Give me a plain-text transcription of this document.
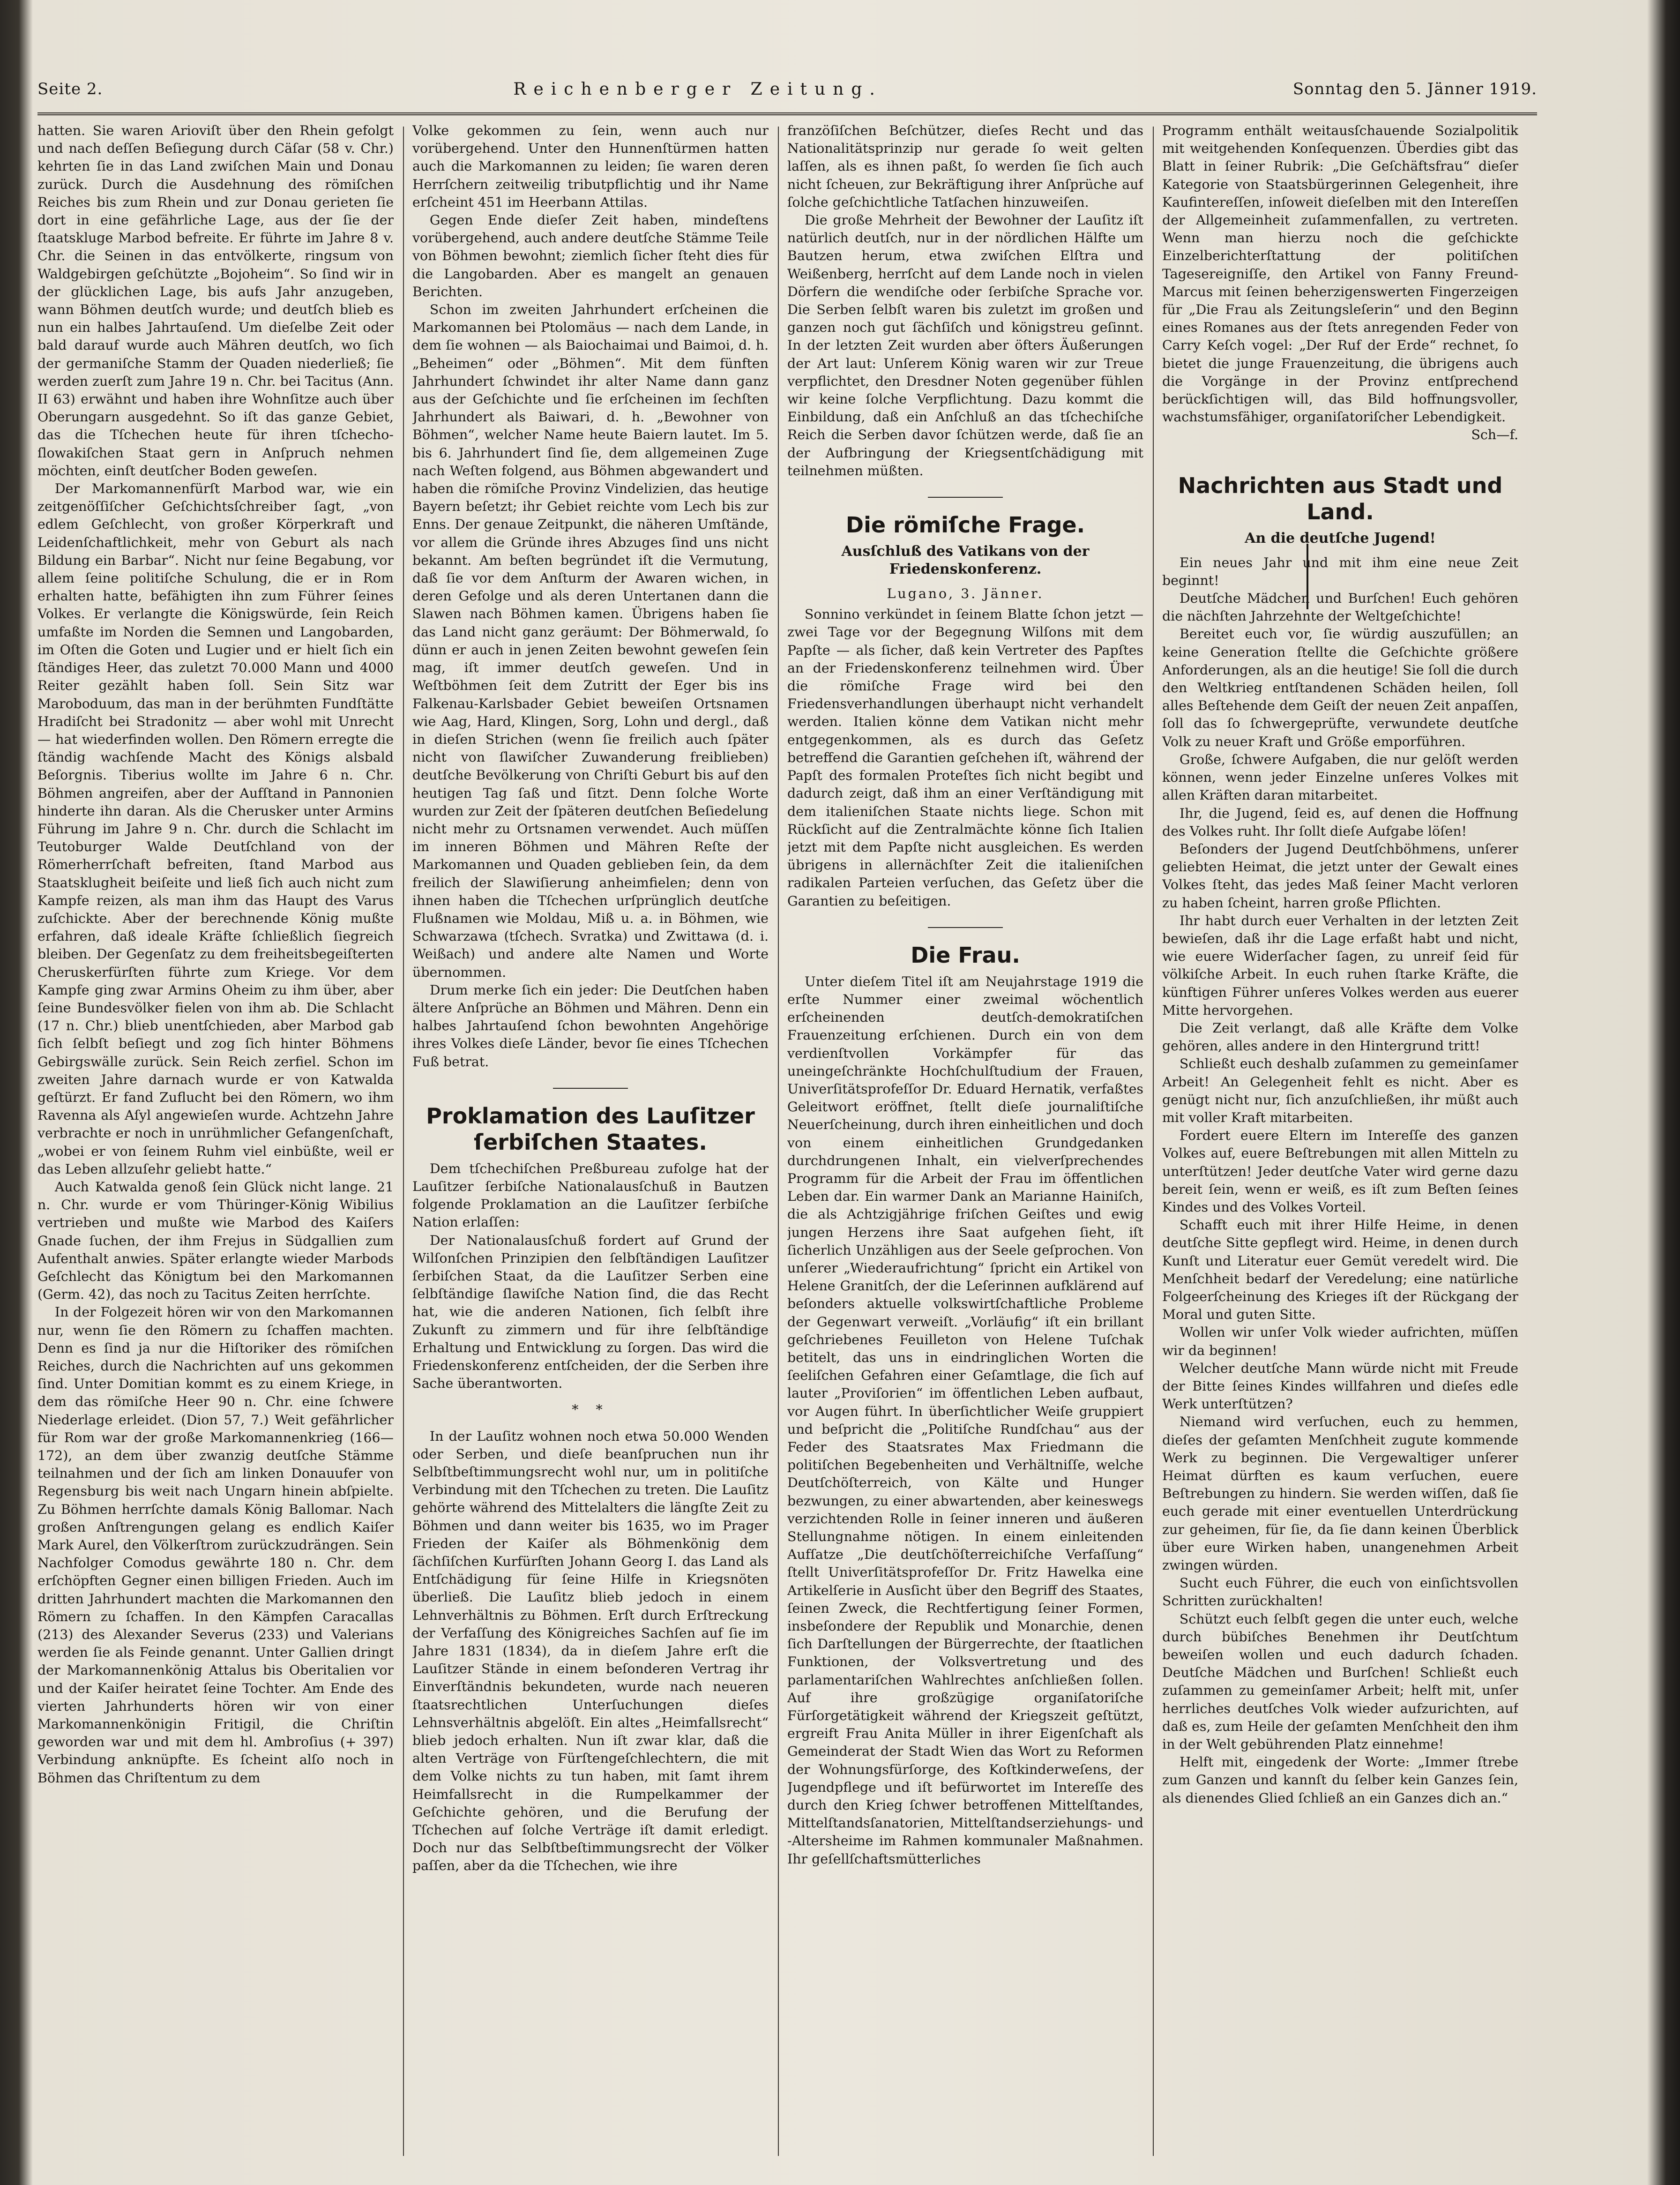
Seite 2.	Reichenberger Zeitung.	Sonntag den 5. Jänner 1919.

hatten. Sie waren Arioviſt über den Rhein gefolgt und nach deſſen Beſiegung durch Cäſar (58 v. Chr.) kehrten ſie in das Land zwiſchen Main und Donau zurück. Durch die Ausdehnung des römiſchen Reiches bis zum Rhein und zur Donau gerieten ſie dort in eine gefährliche Lage, aus der ſie der ſtaatskluge Marbod befreite. Er führte im Jahre 8 v. Chr. die Seinen in das entvölkerte, ringsum von Waldgebirgen geſchützte „Bojoheim“. So ſind wir in der glücklichen Lage, bis aufs Jahr anzugeben, wann Böhmen deutſch wurde; und deutſch blieb es nun ein halbes Jahrtauſend. Um dieſelbe Zeit oder bald darauf wurde auch Mähren deutſch, wo ſich der germaniſche Stamm der Quaden niederließ; ſie werden zuerſt zum Jahre 19 n. Chr. bei Tacitus (Ann. II 63) erwähnt und haben ihre Wohnſitze auch über Oberungarn ausgedehnt. So iſt das ganze Gebiet, das die Tſchechen heute für ihren tſchecho-ſlowakiſchen Staat gern in Anſpruch nehmen möchten, einſt deutſcher Boden geweſen.

Der Markomannenfürſt Marbod war, wie ein zeitgenöſſiſcher Geſchichtsſchreiber ſagt, „von edlem Geſchlecht, von großer Körperkraft und Leidenſchaftlichkeit, mehr von Geburt als nach Bildung ein Barbar“. Nicht nur ſeine Begabung, vor allem ſeine politiſche Schulung, die er in Rom erhalten hatte, befähigten ihn zum Führer ſeines Volkes. Er verlangte die Königswürde, ſein Reich umfaßte im Norden die Semnen und Langobarden, im Oſten die Goten und Lugier und er hielt ſich ein ſtändiges Heer, das zuletzt 70.000 Mann und 4000 Reiter gezählt haben ſoll. Sein Sitz war Maroboduum, das man in der berühmten Fundſtätte Hradiſcht bei Stradonitz — aber wohl mit Unrecht — hat wiederfinden wollen. Den Römern erregte die ſtändig wachſende Macht des Königs alsbald Beſorgnis. Tiberius wollte im Jahre 6 n. Chr. Böhmen angreifen, aber der Aufſtand in Pannonien hinderte ihn daran. Als die Cherusker unter Armins Führung im Jahre 9 n. Chr. durch die Schlacht im Teutoburger Walde Deutſchland von der Römerherrſchaft befreiten, ſtand Marbod aus Staatsklugheit beiſeite und ließ ſich auch nicht zum Kampfe reizen, als man ihm das Haupt des Varus zuſchickte. Aber der berechnende König mußte erfahren, daß ideale Kräfte ſchließlich ſiegreich bleiben. Der Gegenſatz zu dem freiheitsbegeiſterten Cheruskerfürſten führte zum Kriege. Vor dem Kampfe ging zwar Armins Oheim zu ihm über, aber ſeine Bundesvölker fielen von ihm ab. Die Schlacht (17 n. Chr.) blieb unentſchieden, aber Marbod gab ſich ſelbſt beſiegt und zog ſich hinter Böhmens Gebirgswälle zurück. Sein Reich zerfiel. Schon im zweiten Jahre darnach wurde er von Katwalda geſtürzt. Er fand Zuflucht bei den Römern, wo ihm Ravenna als Aſyl angewieſen wurde. Achtzehn Jahre verbrachte er noch in unrühmlicher Gefangenſchaft, „wobei er von ſeinem Ruhm viel einbüßte, weil er das Leben allzuſehr geliebt hatte.“

Auch Katwalda genoß ſein Glück nicht lange. 21 n. Chr. wurde er vom Thüringer-König Wibilius vertrieben und mußte wie Marbod des Kaiſers Gnade ſuchen, der ihm Frejus in Südgallien zum Aufenthalt anwies. Später erlangte wieder Marbods Geſchlecht das Königtum bei den Markomannen (Germ. 42), das noch zu Tacitus Zeiten herrſchte.

In der Folgezeit hören wir von den Markomannen nur, wenn ſie den Römern zu ſchaffen machten. Denn es ſind ja nur die Hiſtoriker des römiſchen Reiches, durch die Nachrichten auf uns gekommen ſind. Unter Domitian kommt es zu einem Kriege, in dem das römiſche Heer 90 n. Chr. eine ſchwere Niederlage erleidet. (Dion 57, 7.) Weit gefährlicher für Rom war der große Markomannenkrieg (166—172), an dem über zwanzig deutſche Stämme teilnahmen und der ſich am linken Donauufer von Regensburg bis weit nach Ungarn hinein abſpielte. Zu Böhmen herrſchte damals König Ballomar. Nach großen Anſtrengungen gelang es endlich Kaiſer Mark Aurel, den Völkerſtrom zurückzudrängen. Sein Nachfolger Comodus gewährte 180 n. Chr. dem erſchöpften Gegner einen billigen Frieden. Auch im dritten Jahrhundert machten die Markomannen den Römern zu ſchaffen. In den Kämpfen Caracallas (213) des Alexander Severus (233) und Valerians werden ſie als Feinde genannt. Unter Gallien dringt der Markomannenkönig Attalus bis Oberitalien vor und der Kaiſer heiratet ſeine Tochter. Am Ende des vierten Jahrhunderts hören wir von einer Markomannenkönigin Fritigil, die Chriſtin geworden war und mit dem hl. Ambroſius (+ 397) Verbindung anknüpfte. Es ſcheint alſo noch in Böhmen das Chriſtentum zu dem

Volke gekommen zu ſein, wenn auch nur vorübergehend. Unter den Hunnenſtürmen hatten auch die Markomannen zu leiden; ſie waren deren Herrſchern zeitweilig tributpflichtig und ihr Name erſcheint 451 im Heerbann Attilas.

Gegen Ende dieſer Zeit haben, mindeſtens vorübergehend, auch andere deutſche Stämme Teile von Böhmen bewohnt; ziemlich ſicher ſteht dies für die Langobarden. Aber es mangelt an genauen Berichten.

Schon im zweiten Jahrhundert erſcheinen die Markomannen bei Ptolomäus — nach dem Lande, in dem ſie wohnen — als Baiochaimai und Baimoi, d. h. „Beheimen“ oder „Böhmen“. Mit dem fünften Jahrhundert ſchwindet ihr alter Name dann ganz aus der Geſchichte und ſie erſcheinen im ſechſten Jahrhundert als Baiwari, d. h. „Bewohner von Böhmen“, welcher Name heute Baiern lautet. Im 5. bis 6. Jahrhundert ſind ſie, dem allgemeinen Zuge nach Weſten folgend, aus Böhmen abgewandert und haben die römiſche Provinz Vindelizien, das heutige Bayern beſetzt; ihr Gebiet reichte vom Lech bis zur Enns. Der genaue Zeitpunkt, die näheren Umſtände, vor allem die Gründe ihres Abzuges ſind uns nicht bekannt. Am beſten begründet iſt die Vermutung, daß ſie vor dem Anſturm der Awaren wichen, in deren Gefolge und als deren Untertanen dann die Slawen nach Böhmen kamen. Übrigens haben ſie das Land nicht ganz geräumt: Der Böhmerwald, ſo dünn er auch in jenen Zeiten bewohnt geweſen ſein mag, iſt immer deutſch geweſen. Und in Weſtböhmen ſeit dem Zutritt der Eger bis ins Falkenau-Karlsbader Gebiet beweiſen Ortsnamen wie Aag, Hard, Klingen, Sorg, Lohn und dergl., daß in dieſen Strichen (wenn ſie freilich auch ſpäter nicht von ſlawiſcher Zuwanderung freiblieben) deutſche Bevölkerung von Chriſti Geburt bis auf den heutigen Tag ſaß und ſitzt. Denn ſolche Worte wurden zur Zeit der ſpäteren deutſchen Beſiedelung nicht mehr zu Ortsnamen verwendet. Auch müſſen im inneren Böhmen und Mähren Reſte der Markomannen und Quaden geblieben ſein, da dem freilich der Slawiſierung anheimfielen; denn von ihnen haben die Tſchechen urſprünglich deutſche Flußnamen wie Moldau, Miß u. a. in Böhmen, wie Schwarzawa (tſchech. Svratka) und Zwittawa (d. i. Weißach) und andere alte Namen und Worte übernommen.

Drum merke ſich ein jeder: Die Deutſchen haben ältere Anſprüche an Böhmen und Mähren. Denn ein halbes Jahrtauſend ſchon bewohnten Angehörige ihres Volkes dieſe Länder, bevor ſie eines Tſchechen Fuß betrat.

Proklamation des Lauſitzer ſerbiſchen Staates.

Dem tſchechiſchen Preßbureau zufolge hat der Lauſitzer ſerbiſche Nationalausſchuß in Bautzen folgende Proklamation an die Lauſitzer ſerbiſche Nation erlaſſen:

Der Nationalausſchuß fordert auf Grund der Wilſonſchen Prinzipien den ſelbſtändigen Lauſitzer ſerbiſchen Staat, da die Lauſitzer Serben eine ſelbſtändige ſlawiſche Nation ſind, die das Recht hat, wie die anderen Nationen, ſich ſelbſt ihre Zukunft zu zimmern und für ihre ſelbſtändige Erhaltung und Entwicklung zu ſorgen. Das wird die Friedenskonferenz entſcheiden, der die Serben ihre Sache überantworten.

* *

In der Lauſitz wohnen noch etwa 50.000 Wenden oder Serben, und dieſe beanſpruchen nun ihr Selbſtbeſtimmungsrecht wohl nur, um in politiſche Verbindung mit den Tſchechen zu treten. Die Lauſitz gehörte während des Mittelalters die längſte Zeit zu Böhmen und dann weiter bis 1635, wo im Prager Frieden der Kaiſer als Böhmenkönig dem ſächſiſchen Kurfürſten Johann Georg I. das Land als Entſchädigung für ſeine Hilfe in Kriegsnöten überließ. Die Lauſitz blieb jedoch in einem Lehnverhältnis zu Böhmen. Erſt durch Erſtreckung der Verfaſſung des Königreiches Sachſen auf ſie im Jahre 1831 (1834), da in dieſem Jahre erſt die Lauſitzer Stände in einem beſonderen Vertrag ihr Einverſtändnis bekundeten, wurde nach neueren ſtaatsrechtlichen Unterſuchungen dieſes Lehnsverhältnis abgelöſt. Ein altes „Heimfallsrecht“ blieb jedoch erhalten. Nun iſt zwar klar, daß die alten Verträge von Fürſtengeſchlechtern, die mit dem Volke nichts zu tun haben, mit ſamt ihrem Heimfallsrecht in die Rumpelkammer der Geſchichte gehören, und die Berufung der Tſchechen auf ſolche Verträge iſt damit erledigt. Doch nur das Selbſtbeſtimmungsrecht der Völker paſſen, aber da die Tſchechen, wie ihre

franzöſiſchen Beſchützer, dieſes Recht und das Nationalitätsprinzip nur gerade ſo weit gelten laſſen, als es ihnen paßt, ſo werden ſie ſich auch nicht ſcheuen, zur Bekräftigung ihrer Anſprüche auf ſolche geſchichtliche Tatſachen hinzuweiſen.

Die große Mehrheit der Bewohner der Lauſitz iſt natürlich deutſch, nur in der nördlichen Hälfte um Bautzen herum, etwa zwiſchen Elſtra und Weißenberg, herrſcht auf dem Lande noch in vielen Dörfern die wendiſche oder ſerbiſche Sprache vor. Die Serben ſelbſt waren bis zuletzt im großen und ganzen noch gut ſächſiſch und königstreu geſinnt. In der letzten Zeit wurden aber öfters Äußerungen der Art laut: Unſerem König waren wir zur Treue verpflichtet, den Dresdner Noten gegenüber fühlen wir keine ſolche Verpflichtung. Dazu kommt die Einbildung, daß ein Anſchluß an das tſchechiſche Reich die Serben davor ſchützen werde, daß ſie an der Aufbringung der Kriegsentſchädigung mit teilnehmen müßten.

Die römiſche Frage.
Ausſchluß des Vatikans von der Friedenskonferenz.

Lugano, 3. Jänner.

Sonnino verkündet in ſeinem Blatte ſchon jetzt — zwei Tage vor der Begegnung Wilſons mit dem Papſte — als ſicher, daß kein Vertreter des Papſtes an der Friedenskonferenz teilnehmen wird. Über die römiſche Frage wird bei den Friedensverhandlungen überhaupt nicht verhandelt werden. Italien könne dem Vatikan nicht mehr entgegenkommen, als es durch das Geſetz betreffend die Garantien geſchehen iſt, während der Papſt des formalen Proteſtes ſich nicht begibt und dadurch zeigt, daß ihm an einer Verſtändigung mit dem italieniſchen Staate nichts liege. Schon mit Rückſicht auf die Zentralmächte könne ſich Italien jetzt mit dem Papſte nicht ausgleichen. Es werden übrigens in allernächſter Zeit die italieniſchen radikalen Parteien verſuchen, das Geſetz über die Garantien zu beſeitigen.

Die Frau.

Unter dieſem Titel iſt am Neujahrstage 1919 die erſte Nummer einer zweimal wöchentlich erſcheinenden deutſch-demokratiſchen Frauenzeitung erſchienen. Durch ein von dem verdienſtvollen Vorkämpfer für das uneingeſchränkte Hochſchulſtudium der Frauen, Univerſitätsprofeſſor Dr. Eduard Hernatik, verfaßtes Geleitwort eröffnet, ſtellt dieſe journaliſtiſche Neuerſcheinung, durch ihren einheitlichen und doch von einem einheitlichen Grundgedanken durchdrungenen Inhalt, ein vielverſprechendes Programm für die Arbeit der Frau im öffentlichen Leben dar. Ein warmer Dank an Marianne Hainiſch, die als Achtzigjährige friſchen Geiſtes und ewig jungen Herzens ihre Saat aufgehen ſieht, iſt ſicherlich Unzähligen aus der Seele geſprochen. Von unſerer „Wiederaufrichtung“ ſpricht ein Artikel von Helene Granitſch, der die Leſerinnen aufklärend auf beſonders aktuelle volkswirtſchaftliche Probleme der Gegenwart verweiſt. „Vorläufig“ iſt ein brillant geſchriebenes Feuilleton von Helene Tuſchak betitelt, das uns in eindringlichen Worten die ſeeliſchen Gefahren einer Geſamtlage, die ſich auf lauter „Proviſorien“ im öffentlichen Leben aufbaut, vor Augen führt. In überſichtlicher Weiſe gruppiert und beſpricht die „Politiſche Rundſchau“ aus der Feder des Staatsrates Max Friedmann die politiſchen Begebenheiten und Verhältniſſe, welche Deutſchöſterreich, von Kälte und Hunger bezwungen, zu einer abwartenden, aber keineswegs verzichtenden Rolle in ſeiner inneren und äußeren Stellungnahme nötigen. In einem einleitenden Aufſatze „Die deutſchöſterreichiſche Verfaſſung“ ſtellt Univerſitätsprofeſſor Dr. Fritz Hawelka eine Artikelſerie in Ausſicht über den Begriff des Staates, ſeinen Zweck, die Rechtfertigung ſeiner Formen, insbeſondere der Republik und Monarchie, denen ſich Darſtellungen der Bürgerrechte, der ſtaatlichen Funktionen, der Volksvertretung und des parlamentariſchen Wahlrechtes anſchließen ſollen. Auf ihre großzügige organiſatoriſche Fürſorgetätigkeit während der Kriegszeit geſtützt, ergreift Frau Anita Müller in ihrer Eigenſchaft als Gemeinderat der Stadt Wien das Wort zu Reformen der Wohnungsfürſorge, des Koſtkinderweſens, der Jugendpflege und iſt befürwortet im Intereſſe des durch den Krieg ſchwer betroffenen Mittelſtandes, Mittelſtandsſanatorien, Mittelſtandserziehungs- und -Altersheime im Rahmen kommunaler Maßnahmen. Ihr geſellſchaftsmütterliches

Programm enthält weitausſchauende Sozialpolitik mit weitgehenden Konſequenzen. Überdies gibt das Blatt in ſeiner Rubrik: „Die Geſchäftsfrau“ dieſer Kategorie von Staatsbürgerinnen Gelegenheit, ihre Kaufintereſſen, inſoweit dieſelben mit den Intereſſen der Allgemeinheit zuſammenfallen, zu vertreten. Wenn man hierzu noch die geſchickte Einzelberichterſtattung der politiſchen Tagesereigniſſe, den Artikel von Fanny Freund-Marcus mit ſeinen beherzigenswerten Fingerzeigen für „Die Frau als Zeitungsleſerin“ und den Beginn eines Romanes aus der ſtets anregenden Feder von Carry Keſch vogel: „Der Ruf der Erde“ rechnet, ſo bietet die junge Frauenzeitung, die übrigens auch die Vorgänge in der Provinz entſprechend berückſichtigen will, das Bild hoffnungsvoller, wachstumsfähiger, organiſatoriſcher Lebendigkeit.

Sch—f.

Nachrichten aus Stadt und Land.
An die deutſche Jugend!

Ein neues Jahr und mit ihm eine neue Zeit beginnt!

Deutſche Mädchen und Burſchen! Euch gehören die nächſten Jahrzehnte der Weltgeſchichte!

Bereitet euch vor, ſie würdig auszufüllen; an keine Generation ſtellte die Geſchichte größere Anforderungen, als an die heutige! Sie ſoll die durch den Weltkrieg entſtandenen Schäden heilen, ſoll alles Beſtehende dem Geiſt der neuen Zeit anpaſſen, ſoll das ſo ſchwergeprüfte, verwundete deutſche Volk zu neuer Kraft und Größe emporführen.

Große, ſchwere Aufgaben, die nur gelöſt werden können, wenn jeder Einzelne unſeres Volkes mit allen Kräften daran mitarbeitet.

Ihr, die Jugend, ſeid es, auf denen die Hoffnung des Volkes ruht. Ihr ſollt dieſe Aufgabe löſen!

Beſonders der Jugend Deutſchböhmens, unſerer geliebten Heimat, die jetzt unter der Gewalt eines Volkes ſteht, das jedes Maß ſeiner Macht verloren zu haben ſcheint, harren große Pflichten.

Ihr habt durch euer Verhalten in der letzten Zeit bewieſen, daß ihr die Lage erfaßt habt und nicht, wie euere Widerſacher ſagen, zu unreif ſeid für völkiſche Arbeit. In euch ruhen ſtarke Kräfte, die künftigen Führer unſeres Volkes werden aus euerer Mitte hervorgehen.

Die Zeit verlangt, daß alle Kräfte dem Volke gehören, alles andere in den Hintergrund tritt!

Schließt euch deshalb zuſammen zu gemeinſamer Arbeit! An Gelegenheit fehlt es nicht. Aber es genügt nicht nur, ſich anzuſchließen, ihr müßt auch mit voller Kraft mitarbeiten.

Fordert euere Eltern im Intereſſe des ganzen Volkes auf, euere Beſtrebungen mit allen Mitteln zu unterſtützen! Jeder deutſche Vater wird gerne dazu bereit ſein, wenn er weiß, es iſt zum Beſten ſeines Kindes und des Volkes Vorteil.

Schafft euch mit ihrer Hilfe Heime, in denen deutſche Sitte gepflegt wird. Heime, in denen durch Kunſt und Literatur euer Gemüt veredelt wird. Die Menſchheit bedarf der Veredelung; eine natürliche Folgeerſcheinung des Krieges iſt der Rückgang der Moral und guten Sitte.

Wollen wir unſer Volk wieder aufrichten, müſſen wir da beginnen!

Welcher deutſche Mann würde nicht mit Freude der Bitte ſeines Kindes willfahren und dieſes edle Werk unterſtützen?

Niemand wird verſuchen, euch zu hemmen, dieſes der geſamten Menſchheit zugute kommende Werk zu beginnen. Die Vergewaltiger unſerer Heimat dürften es kaum verſuchen, euere Beſtrebungen zu hindern. Sie werden wiſſen, daß ſie euch gerade mit einer eventuellen Unterdrückung zur geheimen, für ſie, da ſie dann keinen Überblick über eure Wirken haben, unangenehmen Arbeit zwingen würden.

Sucht euch Führer, die euch von einſichtsvollen Schritten zurückhalten!

Schützt euch ſelbſt gegen die unter euch, welche durch bübiſches Benehmen ihr Deutſchtum beweiſen wollen und euch dadurch ſchaden. Deutſche Mädchen und Burſchen! Schließt euch zuſammen zu gemeinſamer Arbeit; helft mit, unſer herrliches deutſches Volk wieder aufzurichten, auf daß es, zum Heile der geſamten Menſchheit den ihm in der Welt gebührenden Platz einnehme!

Helft mit, eingedenk der Worte: „Immer ſtrebe zum Ganzen und kannſt du ſelber kein Ganzes ſein, als dienendes Glied ſchließ an ein Ganzes dich an.“
